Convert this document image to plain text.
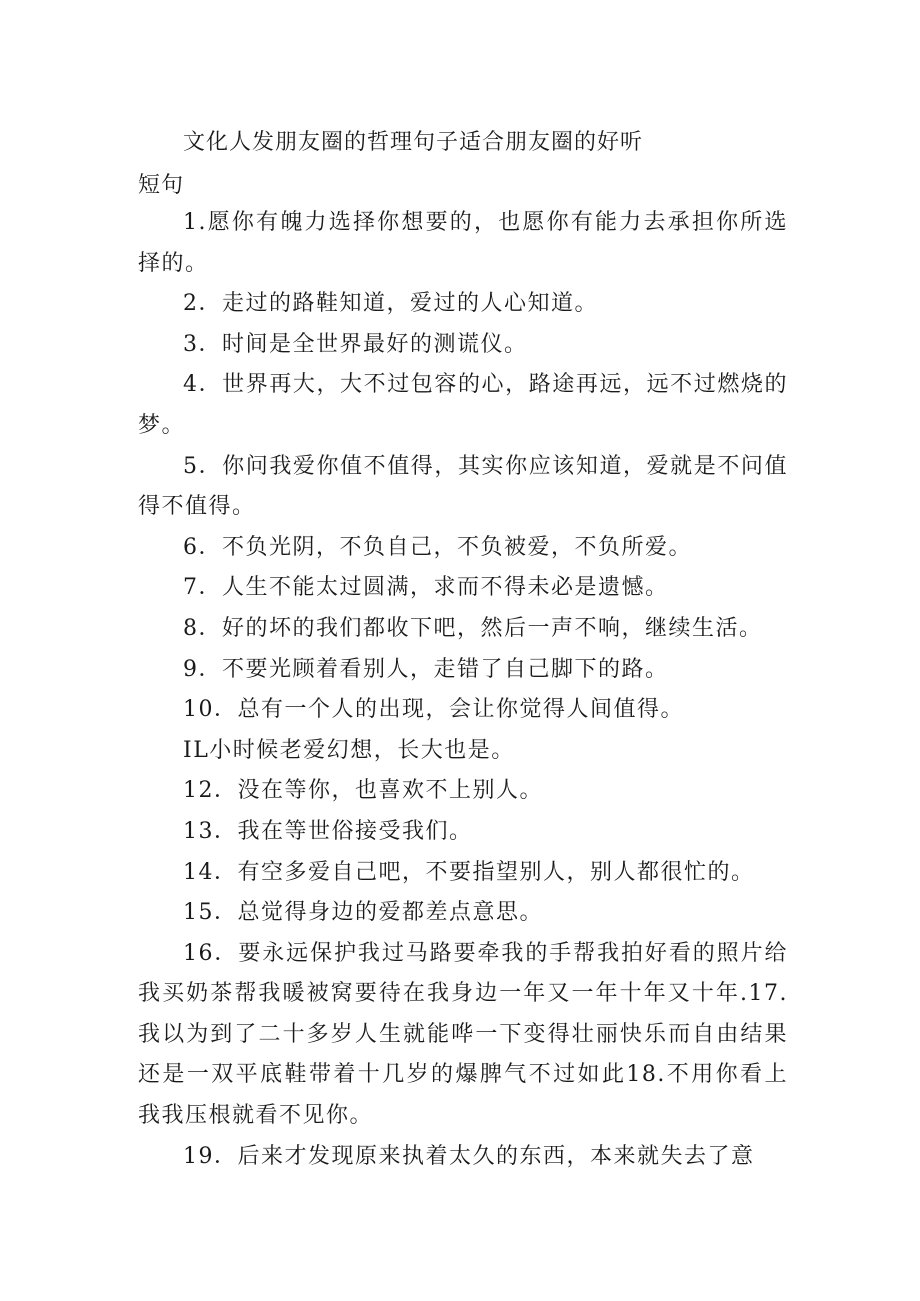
文化人发朋友圈的哲理句子适合朋友圈的好听
短句

1.愿你有魄力选择你想要的，也愿你有能力去承担你所选择的。

2．走过的路鞋知道，爱过的人心知道。

3．时间是全世界最好的测谎仪。

4．世界再大，大不过包容的心，路途再远，远不过燃烧的梦。

5．你问我爱你值不值得，其实你应该知道，爱就是不问值得不值得。

6．不负光阴，不负自己，不负被爱，不负所爱。

7．人生不能太过圆满，求而不得未必是遗憾。

8．好的坏的我们都收下吧，然后一声不响，继续生活。

9．不要光顾着看别人，走错了自己脚下的路。

10．总有一个人的出现，会让你觉得人间值得。

IL小时候老爱幻想，长大也是。

12．没在等你，也喜欢不上别人。

13．我在等世俗接受我们。

14．有空多爱自己吧，不要指望别人，别人都很忙的。

15．总觉得身边的爱都差点意思。

16．要永远保护我过马路要牵我的手帮我拍好看的照片给我买奶茶帮我暖被窝要待在我身边一年又一年十年又十年.17.我以为到了二十多岁人生就能哗一下变得壮丽快乐而自由结果还是一双平底鞋带着十几岁的爆脾气不过如此18.不用你看上我我压根就看不见你。

19．后来才发现原来执着太久的东西，本来就失去了意
